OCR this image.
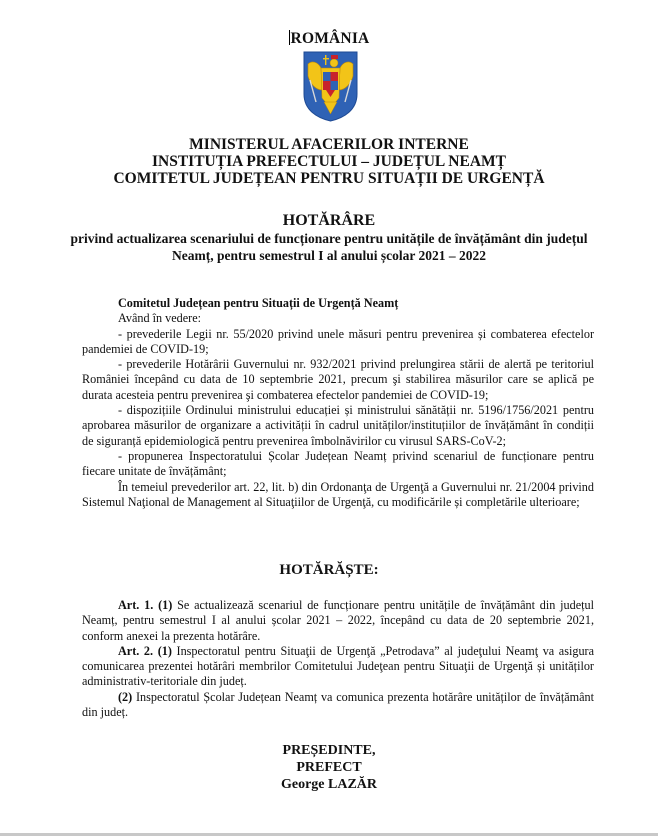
ROMÂNIA
MINISTERUL AFACERILOR INTERNE
INSTITUȚIA PREFECTULUI – JUDEȚUL NEAMȚ
COMITETUL JUDEȚEAN PENTRU SITUAȚII DE URGENȚĂ
HOTĂRÂRE
privind actualizarea scenariului de funcționare pentru unitățile de învățământ din județul Neamț, pentru semestrul I al anului școlar 2021 – 2022

Comitetul Județean pentru Situații de Urgență Neamț

Având în vedere:

- prevederile Legii nr. 55/2020 privind unele măsuri pentru prevenirea și combaterea efectelor pandemiei de COVID-19;

- prevederile Hotărârii Guvernului nr. 932/2021 privind prelungirea stării de alertă pe teritoriul României începând cu data de 10 septembrie 2021, precum şi stabilirea măsurilor care se aplică pe durata acesteia pentru prevenirea şi combaterea efectelor pandemiei de COVID-19;

- dispozițiile Ordinului ministrului educației și ministrului sănătății nr. 5196/1756/2021 pentru aprobarea măsurilor de organizare a activității în cadrul unităților/instituțiilor de învățământ în condiții de siguranță epidemiologică pentru prevenirea îmbolnăvirilor cu virusul SARS-CoV-2;

- propunerea Inspectoratului Școlar Județean Neamț privind scenariul de funcționare pentru fiecare unitate de învățământ;

În temeiul prevederilor art. 22, lit. b) din Ordonanţa de Urgenţă a Guvernului nr. 21/2004 privind Sistemul Naţional de Management al Situaţiilor de Urgenţă, cu modificările și completările ulterioare;

HOTĂRĂȘTE:

Art. 1. (1) Se actualizează scenariul de funcționare pentru unitățile de învățământ din județul Neamț, pentru semestrul I al anului școlar 2021 – 2022, începând cu data de 20 septembrie 2021, conform anexei la prezenta hotărâre.

Art. 2. (1) Inspectoratul pentru Situaţii de Urgenţă „Petrodava” al judeţului Neamţ va asigura comunicarea prezentei hotărâri membrilor Comitetului Judeţean pentru Situaţii de Urgenţă și unităților administrativ-teritoriale din județ.

(2) Inspectoratul Școlar Județean Neamț va comunica prezenta hotărâre unităților de învățământ din județ.

PREȘEDINTE,
PREFECT
George LAZĂR
